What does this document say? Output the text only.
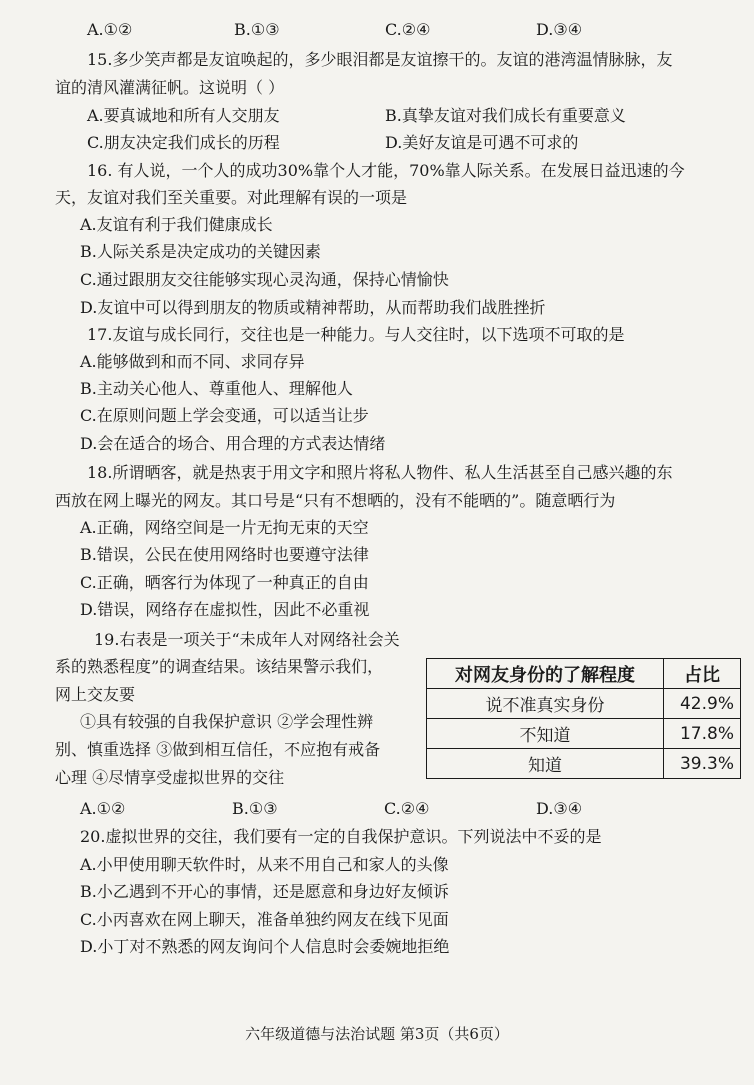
A.①②	B.①③	C.②④	D.③④
15.多少笑声都是友谊唤起的，多少眼泪都是友谊擦干的。友谊的港湾温情脉脉，友
谊的清风灌满征帆。这说明（ ）
A.要真诚地和所有人交朋友	B.真挚友谊对我们成长有重要意义
C.朋友决定我们成长的历程	D.美好友谊是可遇不可求的
16. 有人说，一个人的成功30%靠个人才能，70%靠人际关系。在发展日益迅速的今
天，友谊对我们至关重要。对此理解有误的一项是
A.友谊有利于我们健康成长
B.人际关系是决定成功的关键因素
C.通过跟朋友交往能够实现心灵沟通，保持心情愉快
D.友谊中可以得到朋友的物质或精神帮助，从而帮助我们战胜挫折
17.友谊与成长同行，交往也是一种能力。与人交往时，以下选项不可取的是
A.能够做到和而不同、求同存异
B.主动关心他人、尊重他人、理解他人
C.在原则问题上学会变通，可以适当让步
D.会在适合的场合、用合理的方式表达情绪
18.所谓晒客，就是热衷于用文字和照片将私人物件、私人生活甚至自己感兴趣的东
西放在网上曝光的网友。其口号是“只有不想晒的，没有不能晒的”。随意晒行为
A.正确，网络空间是一片无拘无束的天空
B.错误，公民在使用网络时也要遵守法律
C.正确，晒客行为体现了一种真正的自由
D.错误，网络存在虚拟性，因此不必重视
19.右表是一项关于“未成年人对网络社会关
系的熟悉程度”的调查结果。该结果警示我们，
网上交友要
①具有较强的自我保护意识 ②学会理性辨
别、慎重选择 ③做到相互信任，不应抱有戒备
心理 ④尽情享受虚拟世界的交往
对网友身份的了解程度	占比
说不准真实身份	42.9%
不知道	17.8%
知道	39.3%
A.①②	B.①③	C.②④	D.③④
20.虚拟世界的交往，我们要有一定的自我保护意识。下列说法中不妥的是
A.小甲使用聊天软件时，从来不用自己和家人的头像
B.小乙遇到不开心的事情，还是愿意和身边好友倾诉
C.小丙喜欢在网上聊天，准备单独约网友在线下见面
D.小丁对不熟悉的网友询问个人信息时会委婉地拒绝
六年级道德与法治试题 第3页（共6页）
